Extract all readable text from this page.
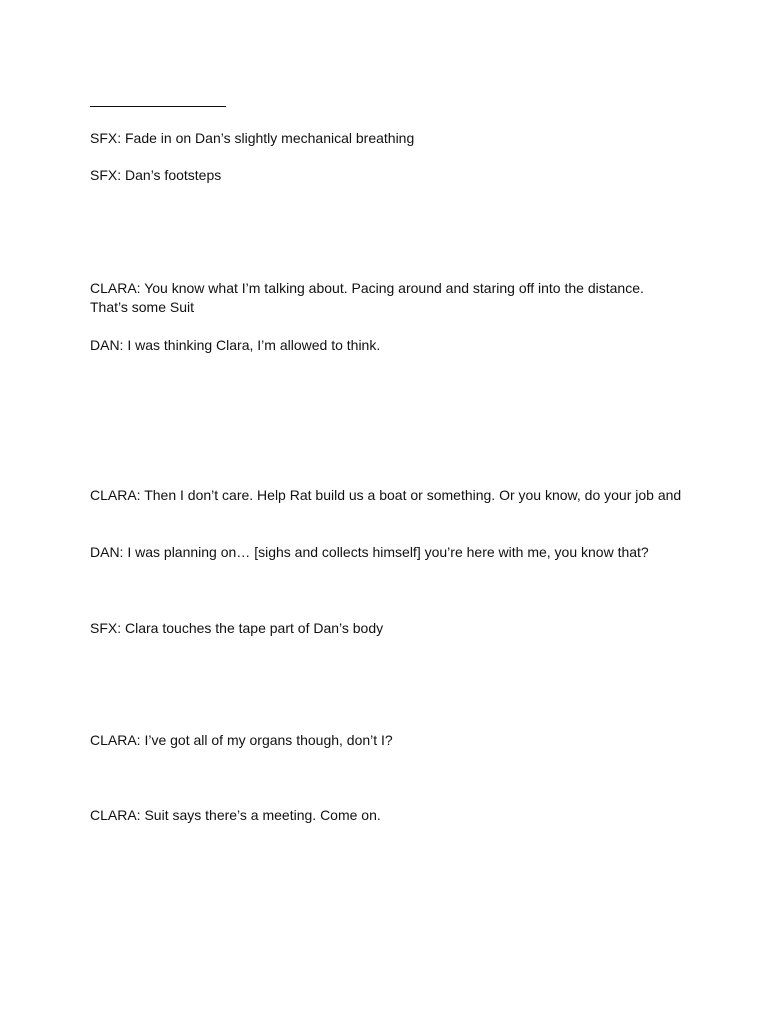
SFX: Fade in on Dan’s slightly mechanical breathing

SFX: Dan’s footsteps

CLARA: You know what I’m talking about. Pacing around and staring off into the distance.

That’s some Suit

DAN: I was thinking Clara, I’m allowed to think.

CLARA: Then I don’t care. Help Rat build us a boat or something. Or you know, do your job and

DAN: I was planning on… [sighs and collects himself] you’re here with me, you know that?

SFX: Clara touches the tape part of Dan’s body

CLARA: I’ve got all of my organs though, don’t I?

CLARA: Suit says there’s a meeting. Come on.
